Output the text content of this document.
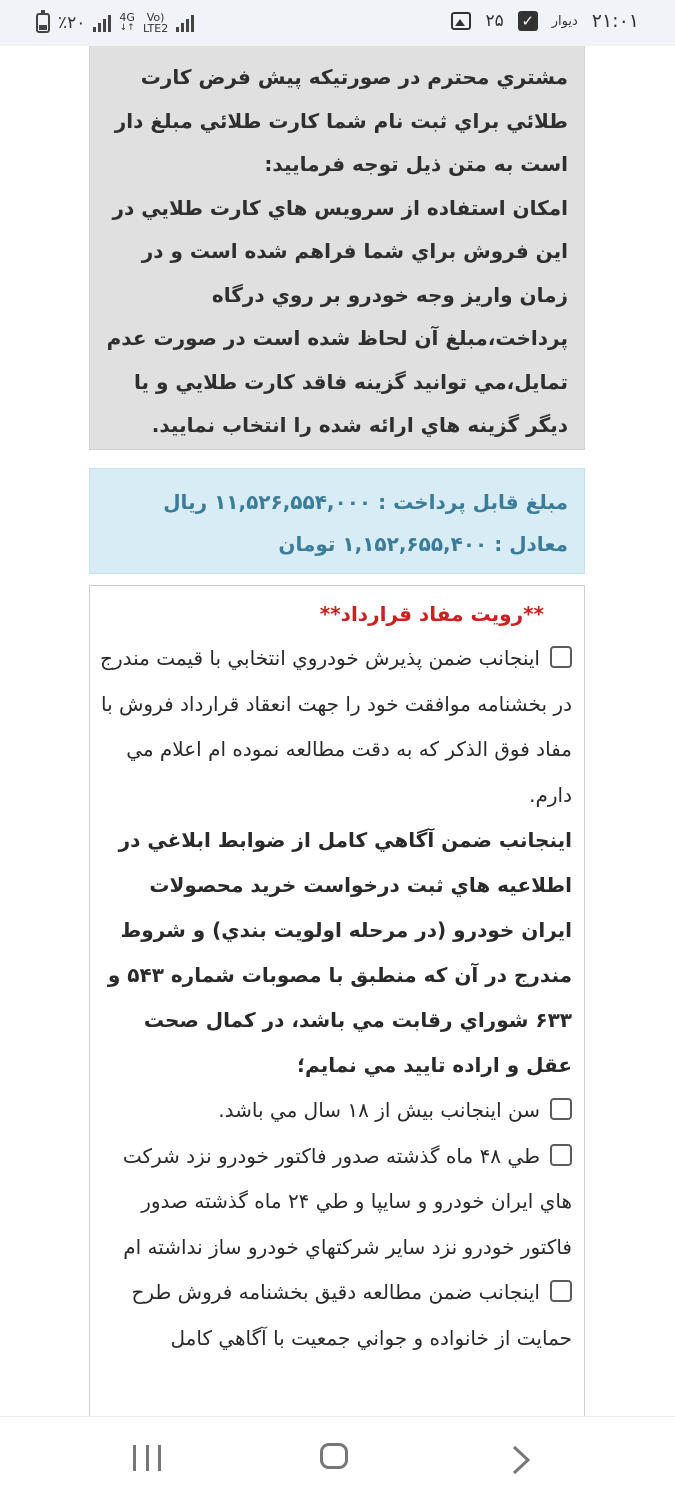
٪۲۰	4G
↓↑
Vo)
LTE2	۲۱:۰۱
دیوار
✓
۲۵

مشتري محترم در صورتيکه پيش فرض کارت طلائي براي ثبت نام شما کارت طلائي مبلغ دار است به متن ذيل توجه فرماييد:

امکان استفاده از سرويس هاي کارت طلايي در اين فروش براي شما فراهم شده است و در زمان واريز وجه خودرو بر روي درگاه پرداخت،مبلغ آن لحاظ شده است در صورت عدم تمايل،مي توانيد گزينه فاقد کارت طلايي و يا ديگر گزينه هاي ارائه شده را انتخاب نماييد.

مبلغ قابل پرداخت : ۱۱,۵۲۶,۵۵۴,۰۰۰ ريال
معادل : ۱,۱۵۲,۶۵۵,۴۰۰ تومان
**رويت مفاد قرارداد**

اينجانب ضمن پذيرش خودروي انتخابي با قيمت مندرج در بخشنامه موافقت خود را جهت انعقاد قرارداد فروش با مفاد فوق الذکر که به دقت مطالعه نموده ام اعلام مي دارم.

اينجانب ضمن آگاهي کامل از ضوابط ابلاغي در اطلاعيه هاي ثبت درخواست خريد محصولات ايران خودرو (در مرحله اولويت بندي) و شروط مندرج در آن که منطبق با مصوبات شماره ۵۴۳ و ۶۳۳ شوراي رقابت مي باشد، در کمال صحت عقل و اراده تاييد مي نمايم؛

سن اينجانب بيش از ۱۸ سال مي باشد.

طي ۴۸ ماه گذشته صدور فاکتور خودرو نزد شرکت هاي ايران خودرو و سايپا و طي ۲۴ ماه گذشته صدور فاکتور خودرو نزد ساير شرکتهاي خودرو ساز نداشته ام

اينجانب ضمن مطالعه دقيق بخشنامه فروش طرح حمايت از خانواده و جواني جمعيت با آگاهي کامل
